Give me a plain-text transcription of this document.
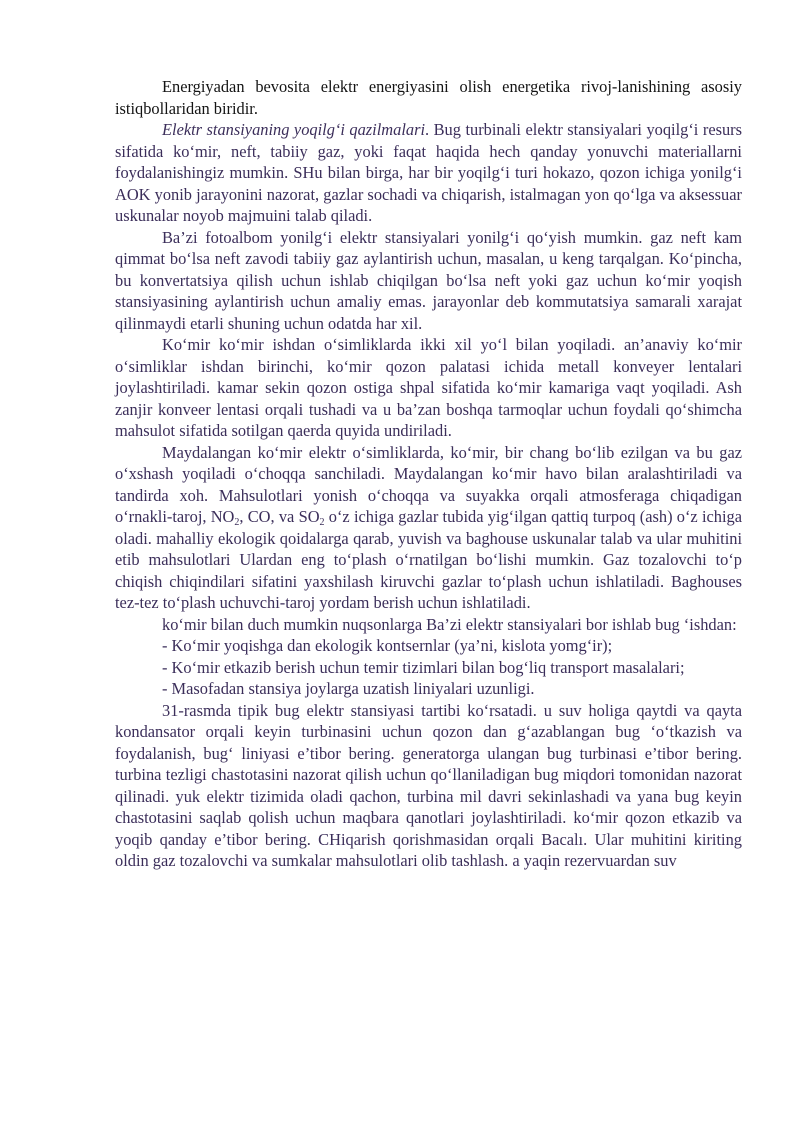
Energiyadan bevosita elektr energiyasini olish energetika rivoj-lanishining asosiy istiqbollaridan biridir.

Elektr stansiyaning yoqilg‘i qazilmalari. Bug turbinali elektr stansiyalari yoqilg‘i resurs sifatida ko‘mir, neft, tabiiy gaz, yoki faqat haqida hech qanday yonuvchi materiallarni foydalanishingiz mumkin. SHu bilan birga, har bir yoqilg‘i turi hokazo, qozon ichiga yonilg‘i AOK yonib jarayonini nazorat, gazlar sochadi va chiqarish, istalmagan yon qo‘lga va aksessuar uskunalar noyob majmuini talab qiladi.

Ba’zi fotoalbom yonilg‘i elektr stansiyalari yonilg‘i qo‘yish mumkin. gaz neft kam qimmat bo‘lsa neft zavodi tabiiy gaz aylantirish uchun, masalan, u keng tarqalgan. Ko‘pincha, bu konvertatsiya qilish uchun ishlab chiqilgan bo‘lsa neft yoki gaz uchun ko‘mir yoqish stansiyasining aylantirish uchun amaliy emas. jarayonlar deb kommutatsiya samarali xarajat qilinmaydi etarli shuning uchun odatda har xil.

Ko‘mir ko‘mir ishdan o‘simliklarda ikki xil yo‘l bilan yoqiladi. an’anaviy ko‘mir o‘simliklar ishdan birinchi, ko‘mir qozon palatasi ichida metall konveyer lentalari joylashtiriladi. kamar sekin qozon ostiga shpal sifatida ko‘mir kamariga vaqt yoqiladi. Ash zanjir konveer lentasi orqali tushadi va u ba’zan boshqa tarmoqlar uchun foydali qo‘shimcha mahsulot sifatida sotilgan qaerda quyida undiriladi.

Maydalangan ko‘mir elektr o‘simliklarda, ko‘mir, bir chang bo‘lib ezilgan va bu gaz o‘xshash yoqiladi o‘choqqa sanchiladi. Maydalangan ko‘mir havo bilan aralashtiriladi va tandirda xoh. Mahsulotlari yonish o‘choqqa va suyakka orqali atmosferaga chiqadigan o‘rnakli-taroj, $NO_2$, CO, va $SO_2$ o‘z ichiga gazlar tubida yig‘ilgan qattiq turpoq (ash) o‘z ichiga oladi. mahalliy ekologik qoidalarga qarab, yuvish va baghouse uskunalar talab va ular muhitini etib mahsulotlari Ulardan eng to‘plash o‘rnatilgan bo‘lishi mumkin. Gaz tozalovchi to‘p chiqish chiqindilari sifatini yaxshilash kiruvchi gazlar to‘plash uchun ishlatiladi. Baghouses tez-tez to‘plash uchuvchi-taroj yordam berish uchun ishlatiladi.

ko‘mir bilan duch mumkin nuqsonlarga Ba’zi elektr stansiyalari bor ishlab bug ‘ishdan:

- Ko‘mir yoqishga dan ekologik kontsernlar (ya’ni, kislota yomg‘ir);

- Ko‘mir etkazib berish uchun temir tizimlari bilan bog‘liq transport masalalari;

- Masofadan stansiya joylarga uzatish liniyalari uzunligi.

31-rasmda tipik bug elektr stansiyasi tartibi ko‘rsatadi. u suv holiga qaytdi va qayta kondansator orqali keyin turbinasini uchun qozon dan g‘azablangan bug ‘o‘tkazish va foydalanish, bug‘ liniyasi e’tibor bering. generatorga ulangan bug turbinasi e’tibor bering. turbina tezligi chastotasini nazorat qilish uchun qo‘llaniladigan bug miqdori tomonidan nazorat qilinadi. yuk elektr tizimida oladi qachon, turbina mil davri sekinlashadi va yana bug keyin chastotasini saqlab qolish uchun maqbara qanotlari joylashtiriladi. ko‘mir qozon etkazib va yoqib qanday e’tibor bering. CHiqarish qorishmasidan orqali Bacalı. Ular muhitini kiriting oldin gaz tozalovchi va sumkalar mahsulotlari olib tashlash. a yaqin rezervuardan suv
